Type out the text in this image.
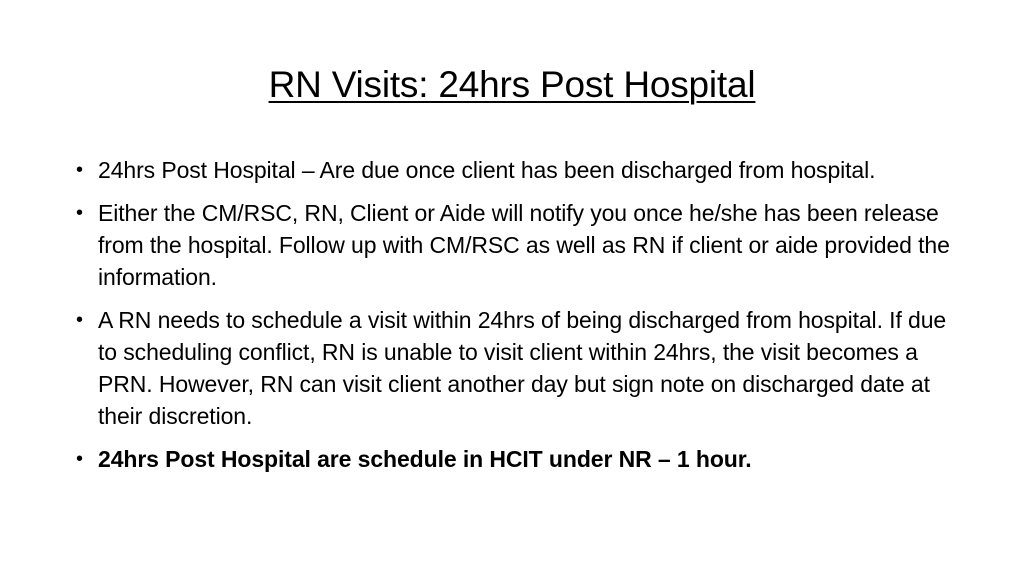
RN Visits: 24hrs Post Hospital
• 24hrs Post Hospital – Are due once client has been discharged from hospital.
• Either the CM/RSC, RN, Client or Aide will notify you once he/she has been release from the hospital. Follow up with CM/RSC as well as RN if client or aide provided the information.
• A RN needs to schedule a visit within 24hrs of being discharged from hospital. If due to scheduling conflict, RN is unable to visit client within 24hrs, the visit becomes a PRN. However, RN can visit client another day but sign note on discharged date at their discretion.
• 24hrs Post Hospital are schedule in HCIT under NR – 1 hour.
